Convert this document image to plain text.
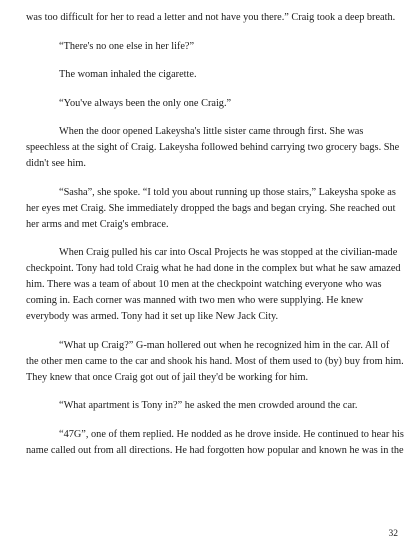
was too difficult for her to read a letter and not have you there.” Craig took a deep breath.

“There's no one else in her life?”

The woman inhaled the cigarette.

“You've always been the only one Craig.”

When the door opened Lakeysha's little sister came through first. She was speechless at the sight of Craig. Lakeysha followed behind carrying two grocery bags. She didn't see him.

“Sasha”, she spoke. “I told you about running up those stairs,” Lakeysha spoke as her eyes met Craig. She immediately dropped the bags and began crying. She reached out her arms and met Craig's embrace.

When Craig pulled his car into Oscal Projects he was stopped at the civilian-made checkpoint. Tony had told Craig what he had done in the complex but what he saw amazed him. There was a team of about 10 men at the checkpoint watching everyone who was coming in. Each corner was manned with two men who were supplying. He knew everybody was armed. Tony had it set up like New Jack City.

“What up Craig?” G-man hollered out when he recognized him in the car. All of the other men came to the car and shook his hand. Most of them used to (by) buy from him. They knew that once Craig got out of jail they'd be working for him.

“What apartment is Tony in?” he asked the men crowded around the car.

“47G”, one of them replied. He nodded as he drove inside. He continued to hear his name called out from all directions. He had forgotten how popular and known he was in the

32
